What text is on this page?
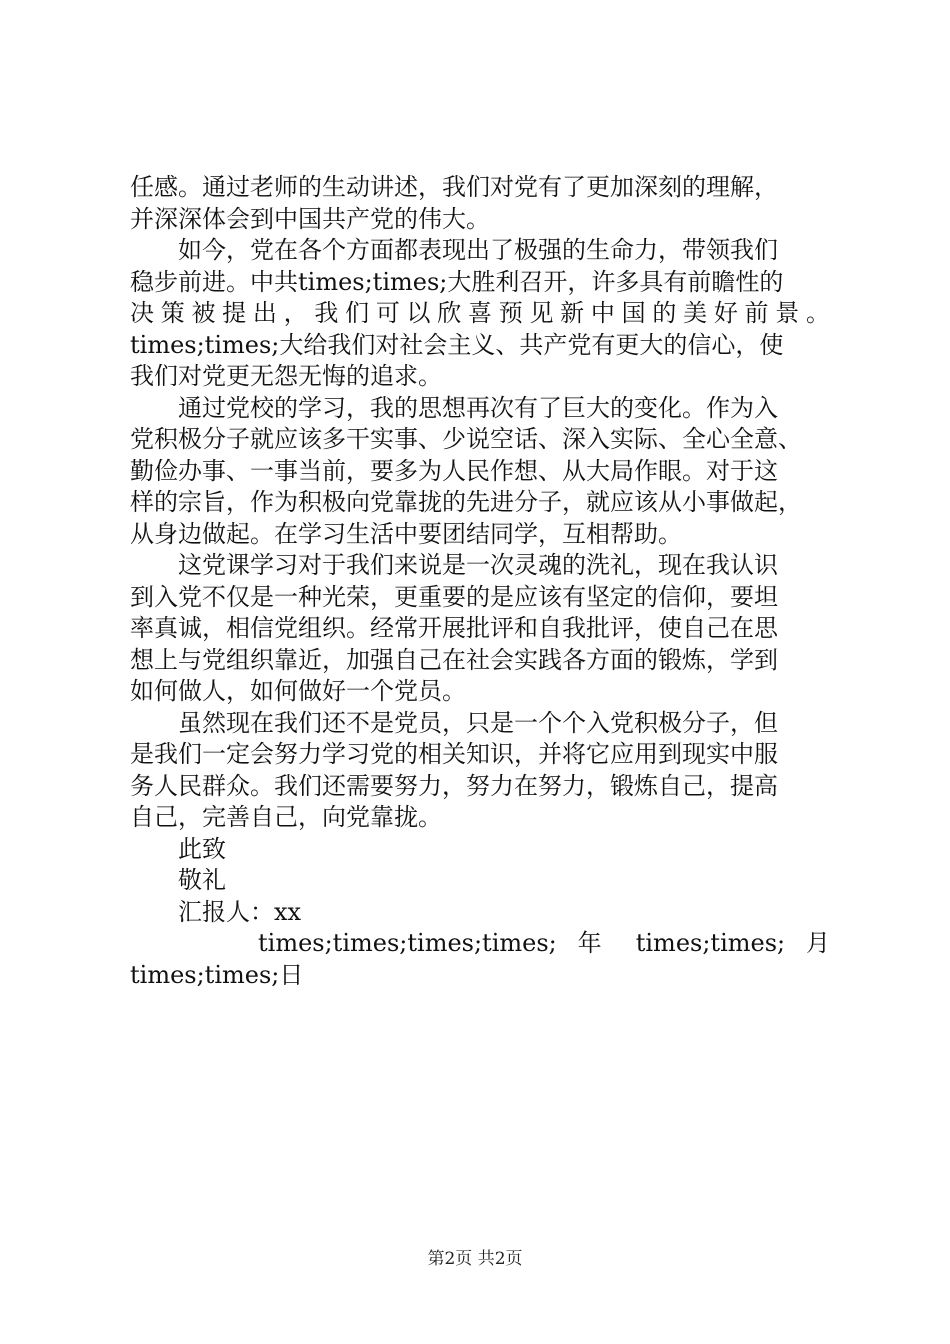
任感。通过老师的生动讲述，我们对党有了更加深刻的理解，
并深深体会到中国共产党的伟大。
如今，党在各个方面都表现出了极强的生命力，带领我们
稳步前进。中共times;times;大胜利召开，许多具有前瞻性的
决策被提出，我们可以欣喜预见新中国的美好前景。
times;times;大给我们对社会主义、共产党有更大的信心，使
我们对党更无怨无悔的追求。
通过党校的学习，我的思想再次有了巨大的变化。作为入
党积极分子就应该多干实事、少说空话、深入实际、全心全意、
勤俭办事、一事当前，要多为人民作想、从大局作眼。对于这
样的宗旨，作为积极向党靠拢的先进分子，就应该从小事做起，
从身边做起。在学习生活中要团结同学，互相帮助。
这党课学习对于我们来说是一次灵魂的洗礼，现在我认识
到入党不仅是一种光荣，更重要的是应该有坚定的信仰，要坦
率真诚，相信党组织。经常开展批评和自我批评，使自己在思
想上与党组织靠近，加强自己在社会实践各方面的锻炼，学到
如何做人，如何做好一个党员。
虽然现在我们还不是党员，只是一个个入党积极分子，但
是我们一定会努力学习党的相关知识，并将它应用到现实中服
务人民群众。我们还需要努力，努力在努力，锻炼自己，提高
自己，完善自己，向党靠拢。
此致
敬礼
汇报人：xx
times;times;times;times; 年 times;times; 月
times;times;日
第2页 共2页
